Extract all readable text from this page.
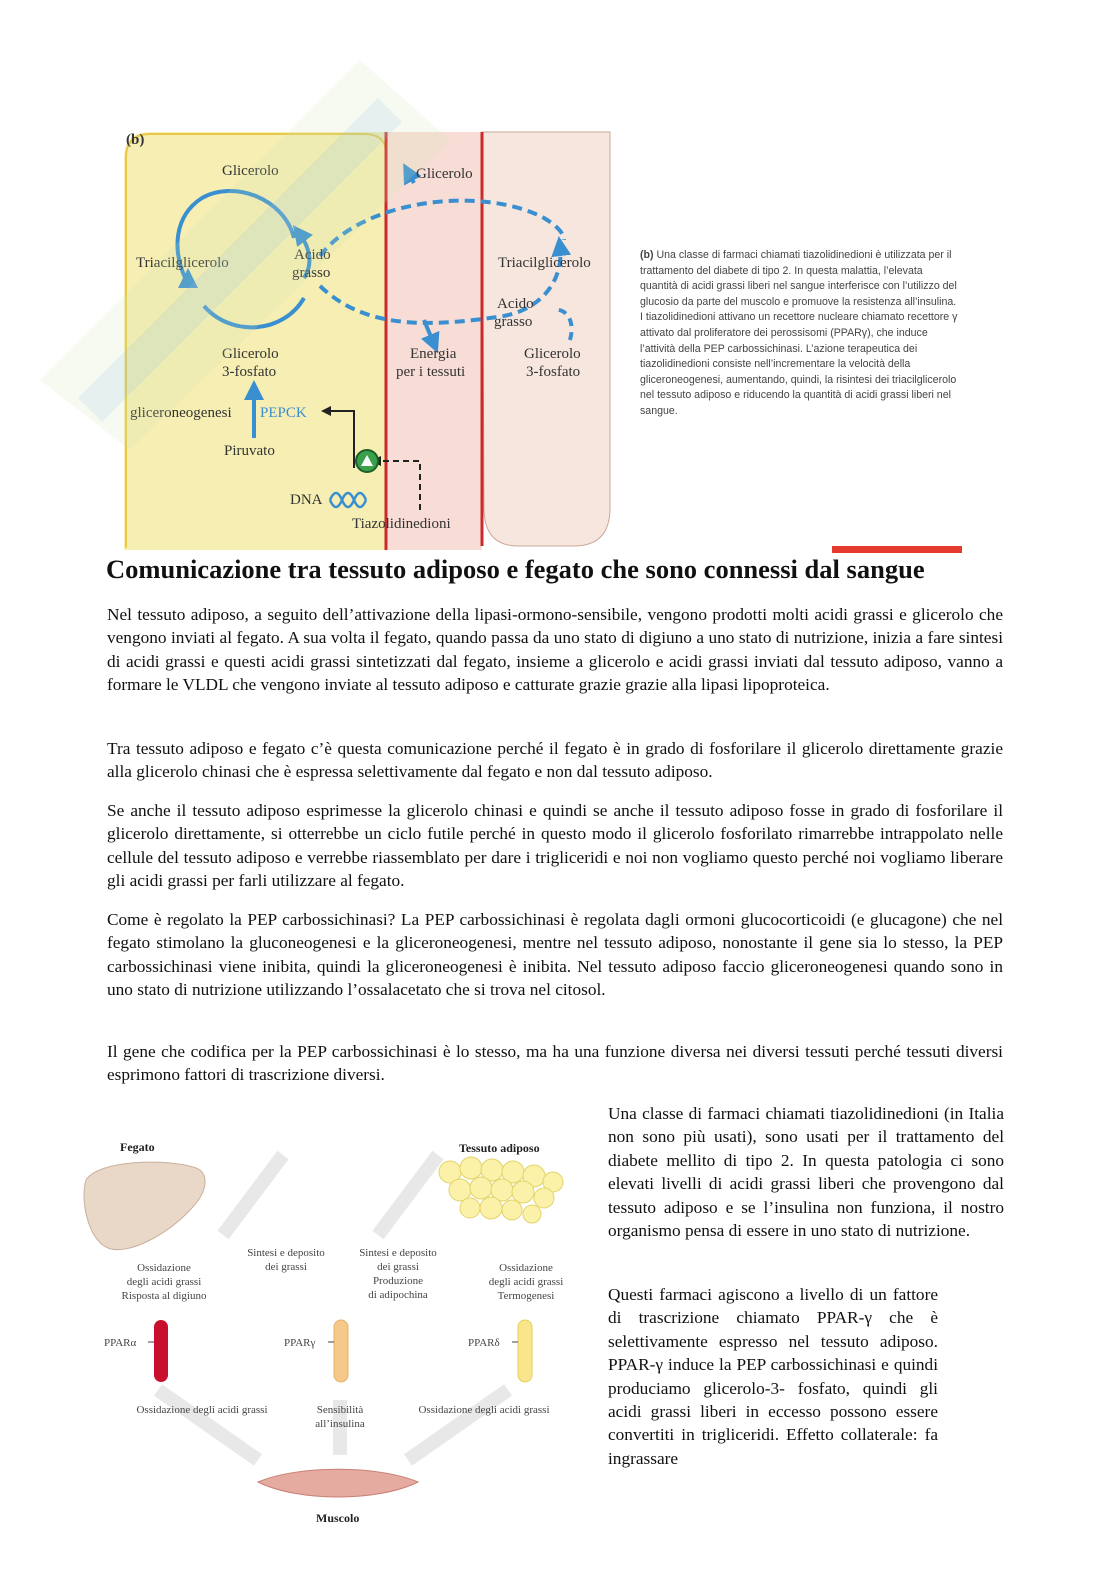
(b)
Glicerolo
Triacilglicerolo	Acido
grasso
Glicerolo
3-fosfato
gliceroneogenesi PEPCK
Piruvato
DNA
Tiazolidinedioni
Glicerolo
Energia
per i tessuti
Triacilglicerolo
Acido
grasso
Glicerolo
3-fosfato
(b) Una classe di farmaci chiamati tiazolidinedioni è utilizzata per il trattamento del diabete di tipo 2. In questa malattia, l’elevata quantità di acidi grassi liberi nel sangue interferisce con l’utilizzo del glucosio da parte del muscolo e promuove la resistenza all’insulina. I tiazolidinedioni attivano un recettore nucleare chiamato recettore γ attivato dal proliferatore dei perossisomi (PPARγ), che induce l’attività della PEP carbossichinasi. L’azione terapeutica dei tiazolidinedioni consiste nell’incrementare la velocità della gliceroneogenesi, aumentando, quindi, la risintesi dei triacilglicerolo nel tessuto adiposo e riducendo la quantità di acidi grassi liberi nel sangue.
Comunicazione tra tessuto adiposo e fegato che sono connessi dal sangue

Nel tessuto adiposo, a seguito dell’attivazione della lipasi-ormono-sensibile, vengono prodotti molti acidi grassi e glicerolo che vengono inviati al fegato. A sua volta il fegato, quando passa da uno stato di digiuno a uno stato di nutrizione, inizia a fare sintesi di acidi grassi e questi acidi grassi sintetizzati dal fegato, insieme a glicerolo e acidi grassi inviati dal tessuto adiposo, vanno a formare le VLDL che vengono inviate al tessuto adiposo e catturate grazie grazie alla lipasi lipoproteica.

Tra tessuto adiposo e fegato c’è questa comunicazione perché il fegato è in grado di fosforilare il glicerolo direttamente grazie alla glicerolo chinasi che è espressa selettivamente dal fegato e non dal tessuto adiposo.

Se anche il tessuto adiposo esprimesse la glicerolo chinasi e quindi se anche il tessuto adiposo fosse in grado di fosforilare il glicerolo direttamente, si otterrebbe un ciclo futile perché in questo modo il glicerolo fosforilato rimarrebbe intrappolato nelle cellule del tessuto adiposo e verrebbe riassemblato per dare i trigliceridi e noi non vogliamo questo perché noi vogliamo liberare gli acidi grassi per farli utilizzare al fegato.

Come è regolato la PEP carbossichinasi? La PEP carbossichinasi è regolata dagli ormoni glucocorticoidi (e glucagone) che nel fegato stimolano la gluconeogenesi e la gliceroneogenesi, mentre nel tessuto adiposo, nonostante il gene sia lo stesso, la PEP carbossichinasi viene inibita, quindi la gliceroneogenesi è inibita. Nel tessuto adiposo faccio gliceroneogenesi quando sono in uno stato di nutrizione utilizzando l’ossalacetato che si trova nel citosol.

Il gene che codifica per la PEP carbossichinasi è lo stesso, ma ha una funzione diversa nei diversi tessuti perché tessuti diversi esprimono fattori di trascrizione diversi.

Fegato	Tessuto adiposo
Muscolo
Ossidazione
degli acidi grassi
Risposta al digiuno
Sintesi e deposito
dei grassi
Sintesi e deposito
dei grassi
Produzione
di adipochina
Ossidazione
degli acidi grassi
Termogenesi
PPARα	PPARγ	PPARδ
Ossidazione degli acidi grassi	Sensibilità
all’insulina
Ossidazione degli acidi grassi

Una classe di farmaci chiamati tiazolidinedioni (in Italia non sono più usati), sono usati per il trattamento del diabete mellito di tipo 2. In questa patologia ci sono elevati livelli di acidi grassi liberi che provengono dal tessuto adiposo e se l’insulina non funziona, il nostro organismo pensa di essere in uno stato di nutrizione.

Questi farmaci agiscono a livello di un fattore di trascrizione chiamato PPAR-γ che è selettivamente espresso nel tessuto adiposo. PPAR-γ induce la PEP carbossichinasi e quindi produciamo glicerolo-3- fosfato, quindi gli acidi grassi liberi in eccesso possono essere convertiti in trigliceridi. Effetto collaterale: fa ingrassare
